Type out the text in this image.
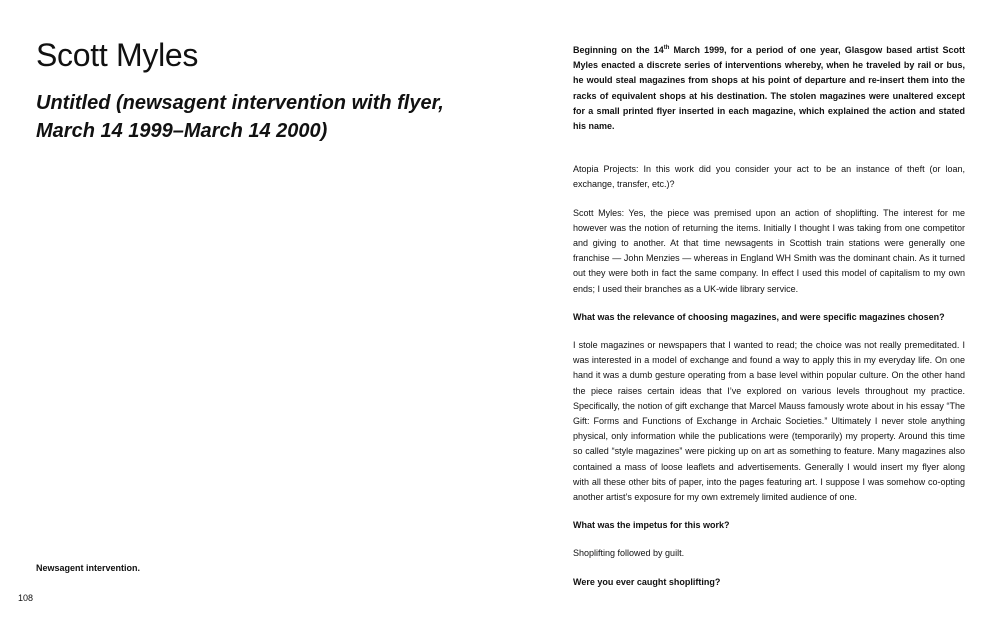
Scott Myles
Untitled (newsagent intervention with flyer, March 14 1999–March 14 2000)
Newsagent intervention.
108

Beginning on the 14th March 1999, for a period of one year, Glasgow based artist Scott Myles enacted a discrete series of interventions whereby, when he traveled by rail or bus, he would steal magazines from shops at his point of departure and re-insert them into the racks of equivalent shops at his destination. The stolen magazines were unaltered except for a small printed flyer inserted in each magazine, which explained the action and stated his name.

Atopia Projects: In this work did you consider your act to be an instance of theft (or loan, exchange, transfer, etc.)?

Scott Myles: Yes, the piece was premised upon an action of shoplifting. The interest for me however was the notion of returning the items. Initially I thought I was taking from one competitor and giving to another. At that time newsagents in Scottish train stations were generally one franchise — John Menzies — whereas in England WH Smith was the dominant chain. As it turned out they were both in fact the same company. In effect I used this model of capitalism to my own ends; I used their branches as a UK-wide library service.

What was the relevance of choosing magazines, and were specific magazines chosen?

I stole magazines or newspapers that I wanted to read; the choice was not really premeditated. I was interested in a model of exchange and found a way to apply this in my everyday life. On one hand it was a dumb gesture operating from a base level within popular culture. On the other hand the piece raises certain ideas that I’ve explored on various levels throughout my practice. Specifically, the notion of gift exchange that Marcel Mauss famously wrote about in his essay “The Gift: Forms and Functions of Exchange in Archaic Societies.” Ultimately I never stole anything physical, only information while the publications were (temporarily) my property. Around this time so called “style magazines” were picking up on art as something to feature. Many magazines also contained a mass of loose leaflets and advertisements. Generally I would insert my flyer along with all these other bits of paper, into the pages featuring art. I suppose I was somehow co-opting another artist’s exposure for my own extremely limited audience of one.

What was the impetus for this work?

Shoplifting followed by guilt.

Were you ever caught shoplifting?
